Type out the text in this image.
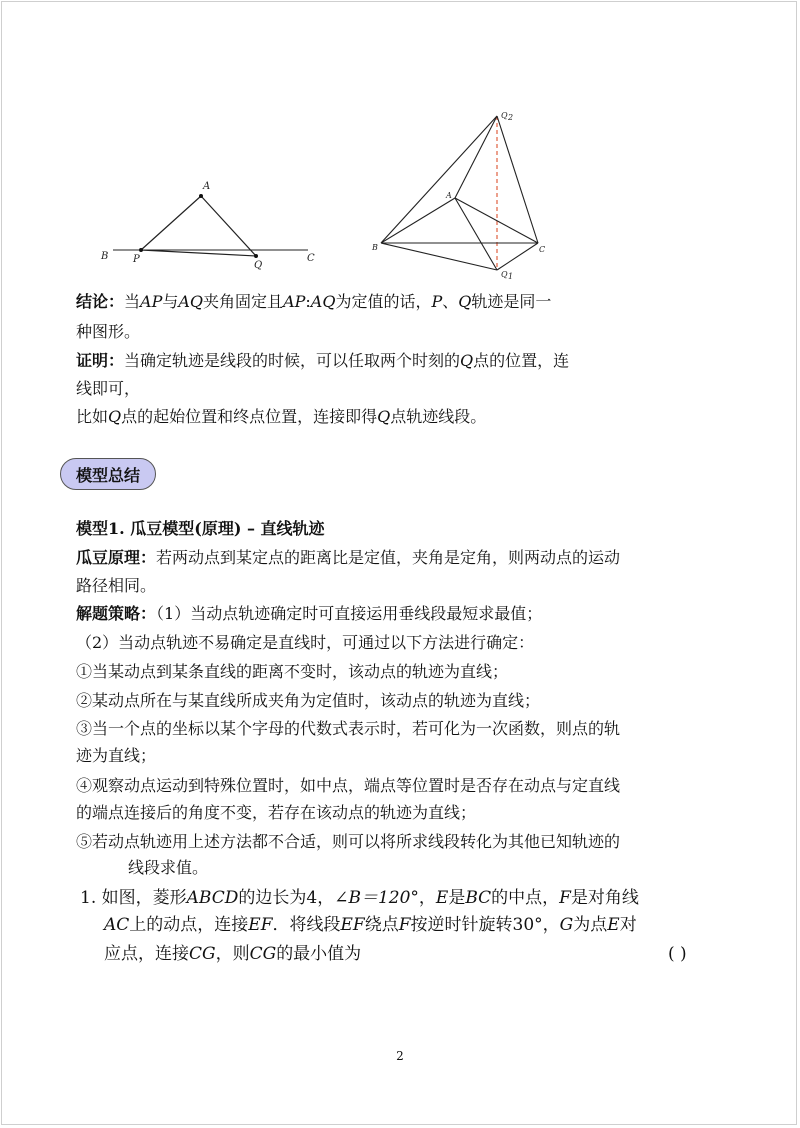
A
B P
Q
C
Q 2
A
B	C
Q 1
结论：当AP与AQ夹角固定且AP:AQ为定值的话，P、Q轨迹是同一
种图形。
证明：当确定轨迹是线段的时候，可以任取两个时刻的Q点的位置，连
线即可，
比如Q点的起始位置和终点位置，连接即得Q点轨迹线段。
模型总结
模型1. 瓜豆模型(原理) – 直线轨迹
瓜豆原理：若两动点到某定点的距离比是定值，夹角是定角，则两动点的运动
路径相同。
解题策略：（1）当动点轨迹确定时可直接运用垂线段最短求最值；
（2）当动点轨迹不易确定是直线时，可通过以下方法进行确定：
①当某动点到某条直线的距离不变时，该动点的轨迹为直线；
②某动点所在与某直线所成夹角为定值时，该动点的轨迹为直线；
③当一个点的坐标以某个字母的代数式表示时，若可化为一次函数，则点的轨
迹为直线；
④观察动点运动到特殊位置时，如中点，端点等位置时是否存在动点与定直线
的端点连接后的角度不变，若存在该动点的轨迹为直线；
⑤若动点轨迹用上述方法都不合适，则可以将所求线段转化为其他已知轨迹的
线段求值。
1. 如图，菱形ABCD的边长为4，∠B＝120°，E是BC的中点，F是对角线
AC上的动点，连接EF．将线段EF绕点F按逆时针旋转30°，G为点E对
应点，连接CG，则CG的最小值为	( )
2
